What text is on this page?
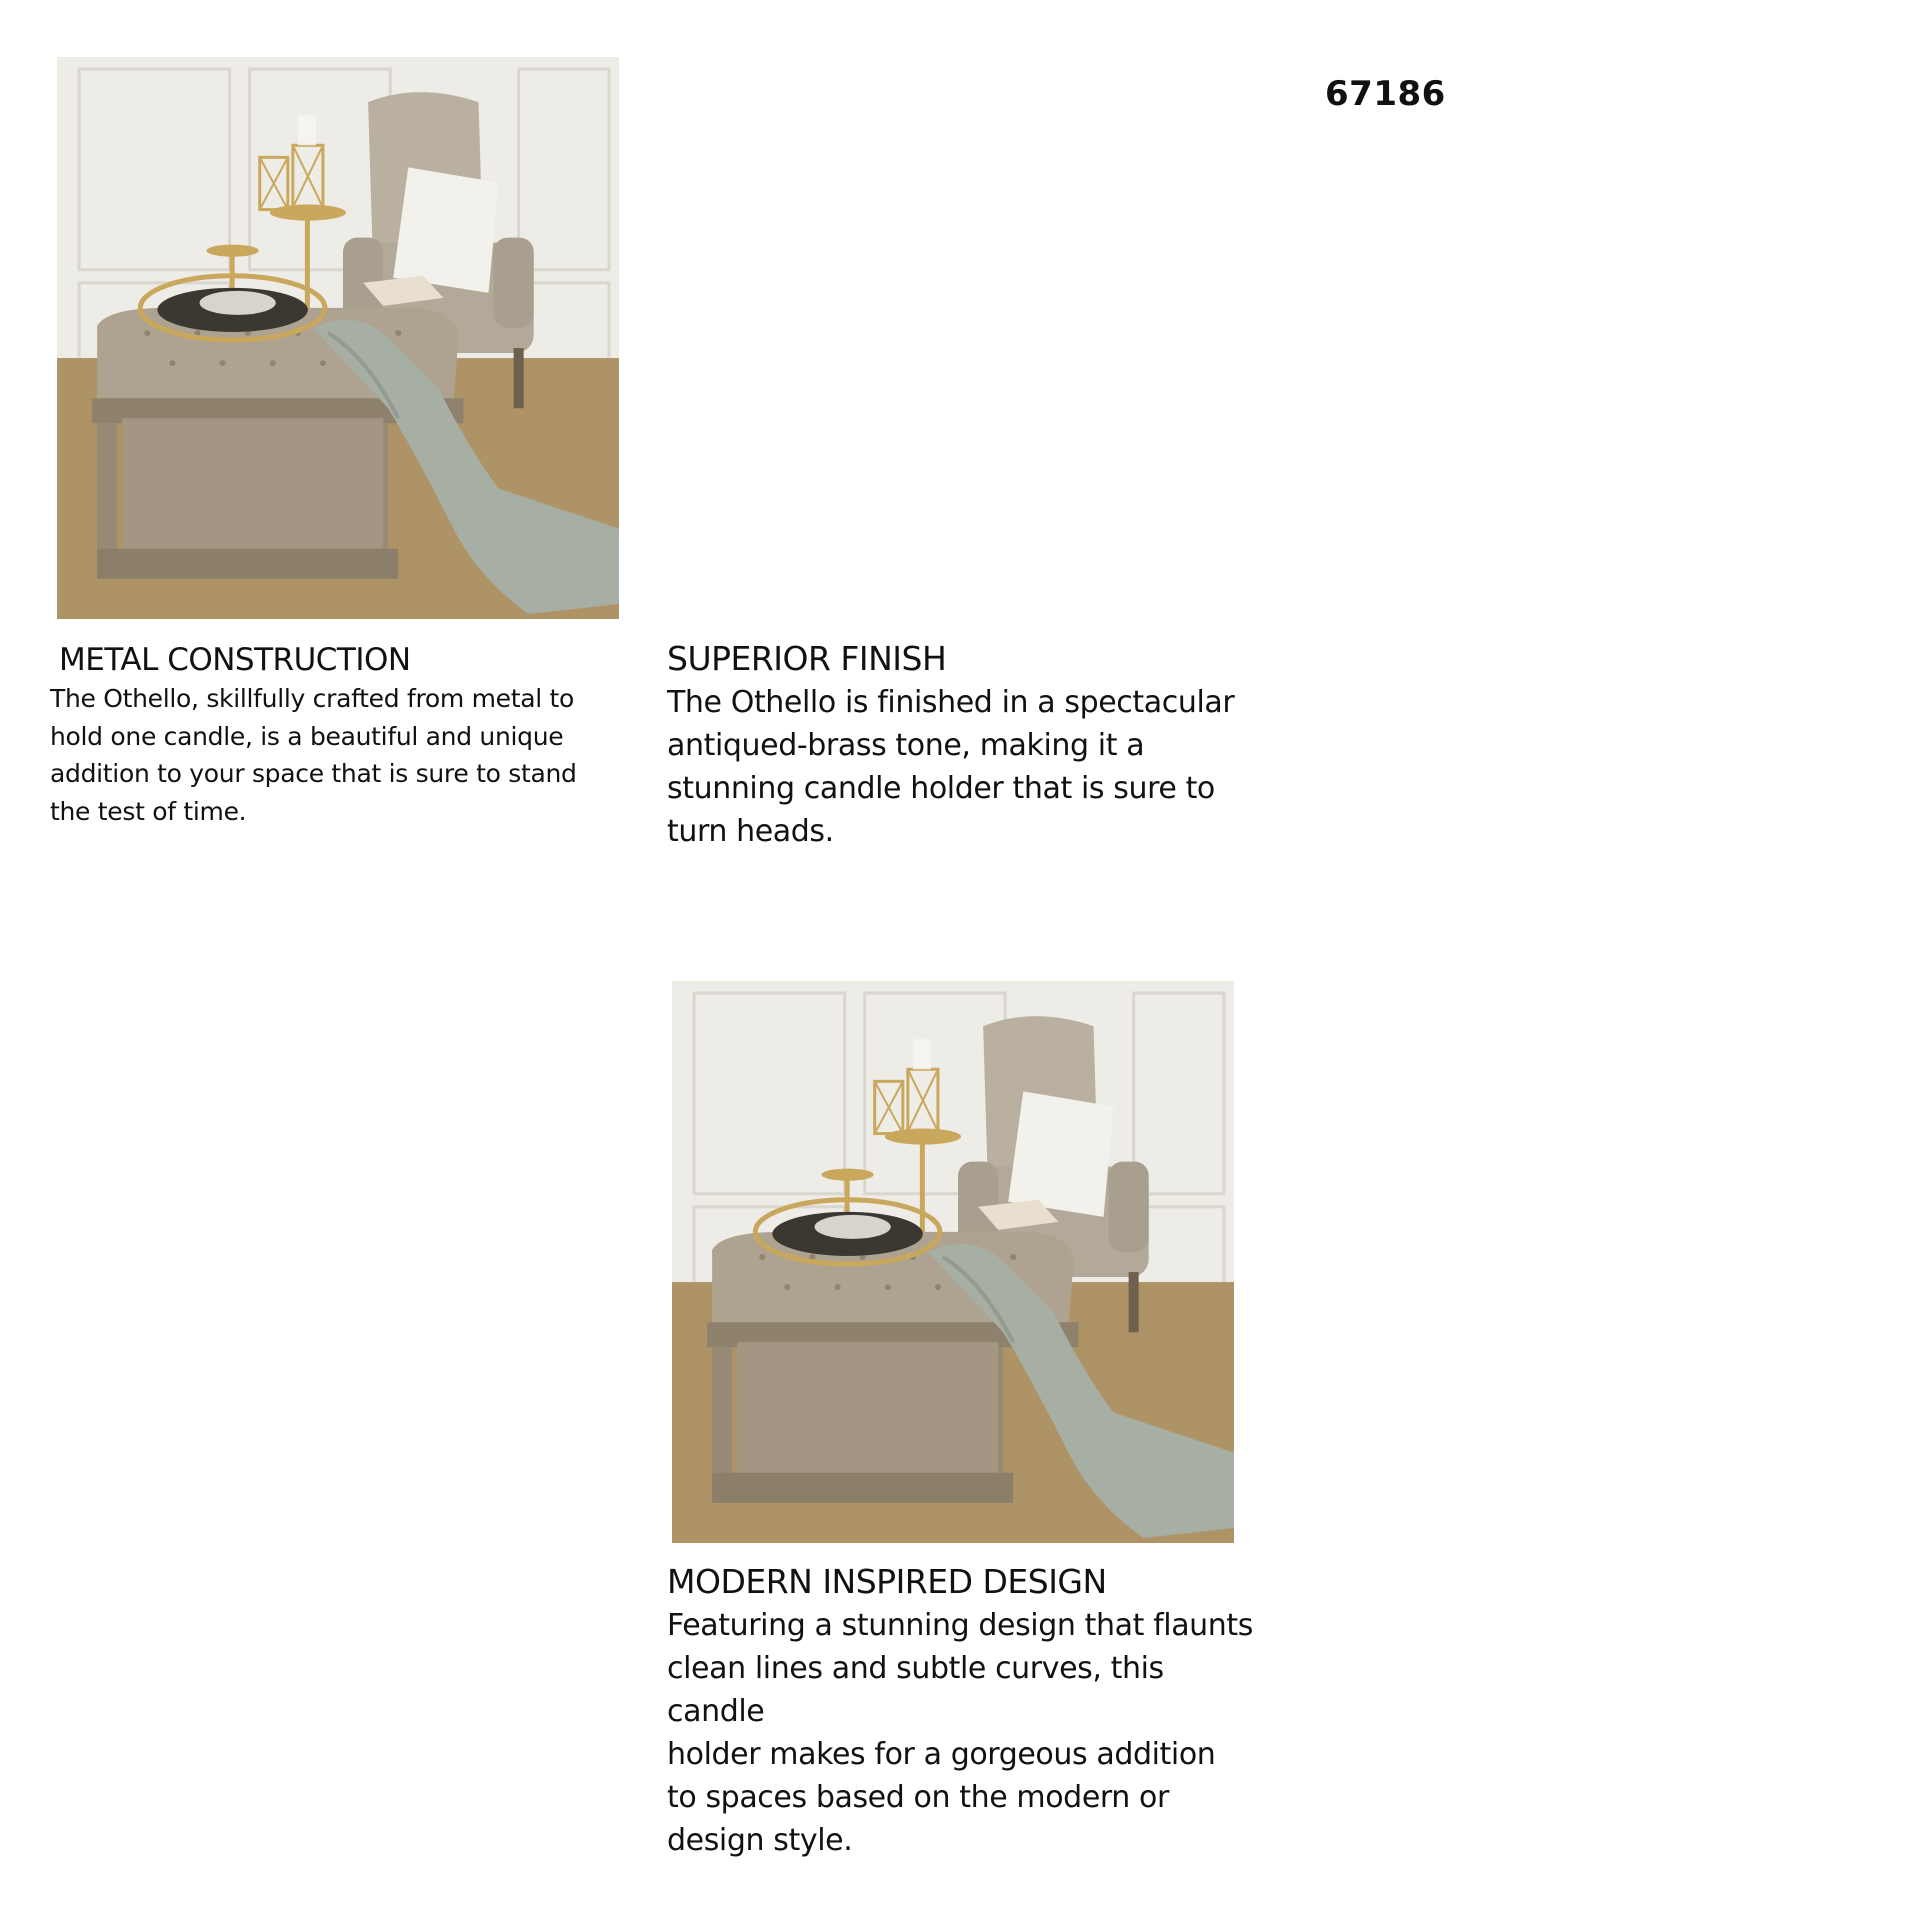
67186
METAL CONSTRUCTION

The Othello, skillfully crafted from metal to

hold one candle, is a beautiful and unique

addition to your space that is sure to stand

the test of time.

SUPERIOR FINISH

The Othello is finished in a spectacular

antiqued-brass tone, making it a

stunning candle holder that is sure to

turn heads.

MODERN INSPIRED DESIGN

Featuring a stunning design that flaunts

clean lines and subtle curves, this candle

holder makes for a gorgeous addition

to spaces based on the modern or

design style.
